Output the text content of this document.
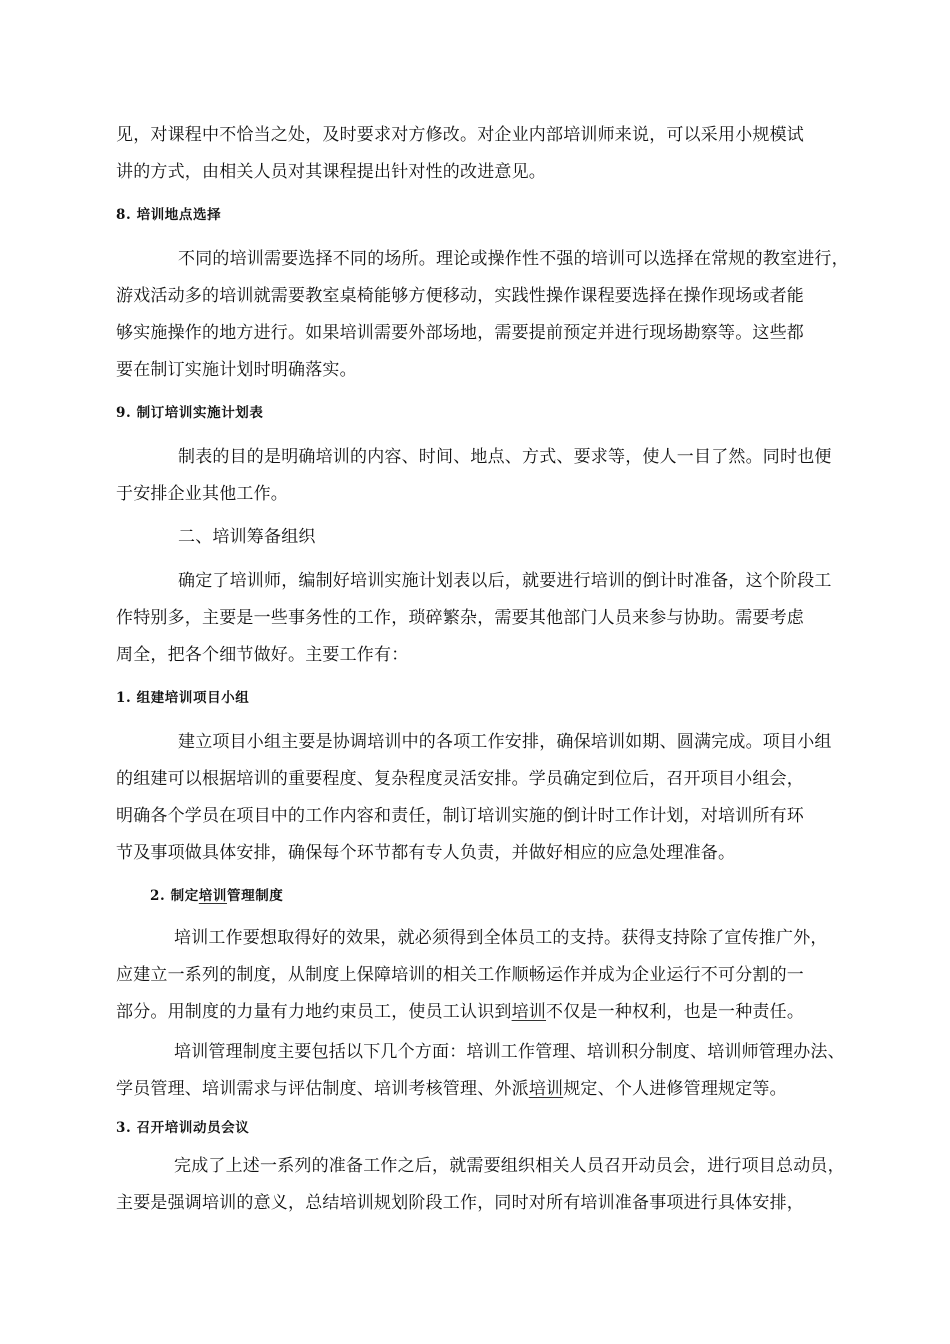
见，对课程中不恰当之处，及时要求对方修改。对企业内部培训师来说，可以采用小规模试
讲的方式，由相关人员对其课程提出针对性的改进意见。
8. 培训地点选择
不同的培训需要选择不同的场所。理论或操作性不强的培训可以选择在常规的教室进行，
游戏活动多的培训就需要教室桌椅能够方便移动，实践性操作课程要选择在操作现场或者能
够实施操作的地方进行。如果培训需要外部场地，需要提前预定并进行现场勘察等。这些都
要在制订实施计划时明确落实。
9. 制订培训实施计划表
制表的目的是明确培训的内容、时间、地点、方式、要求等，使人一目了然。同时也便
于安排企业其他工作。
二、培训筹备组织
确定了培训师，编制好培训实施计划表以后，就要进行培训的倒计时准备，这个阶段工
作特别多，主要是一些事务性的工作，琐碎繁杂，需要其他部门人员来参与协助。需要考虑
周全，把各个细节做好。主要工作有：
1. 组建培训项目小组
建立项目小组主要是协调培训中的各项工作安排，确保培训如期、圆满完成。项目小组
的组建可以根据培训的重要程度、复杂程度灵活安排。学员确定到位后，召开项目小组会，
明确各个学员在项目中的工作内容和责任，制订培训实施的倒计时工作计划，对培训所有环
节及事项做具体安排，确保每个环节都有专人负责，并做好相应的应急处理准备。
2. 制定培训管理制度
培训工作要想取得好的效果，就必须得到全体员工的支持。获得支持除了宣传推广外，
应建立一系列的制度，从制度上保障培训的相关工作顺畅运作并成为企业运行不可分割的一
部分。用制度的力量有力地约束员工，使员工认识到培训不仅是一种权利，也是一种责任。
培训管理制度主要包括以下几个方面：培训工作管理、培训积分制度、培训师管理办法、
学员管理、培训需求与评估制度、培训考核管理、外派培训规定、个人进修管理规定等。
3. 召开培训动员会议
完成了上述一系列的准备工作之后，就需要组织相关人员召开动员会，进行项目总动员，
主要是强调培训的意义，总结培训规划阶段工作，同时对所有培训准备事项进行具体安排，
